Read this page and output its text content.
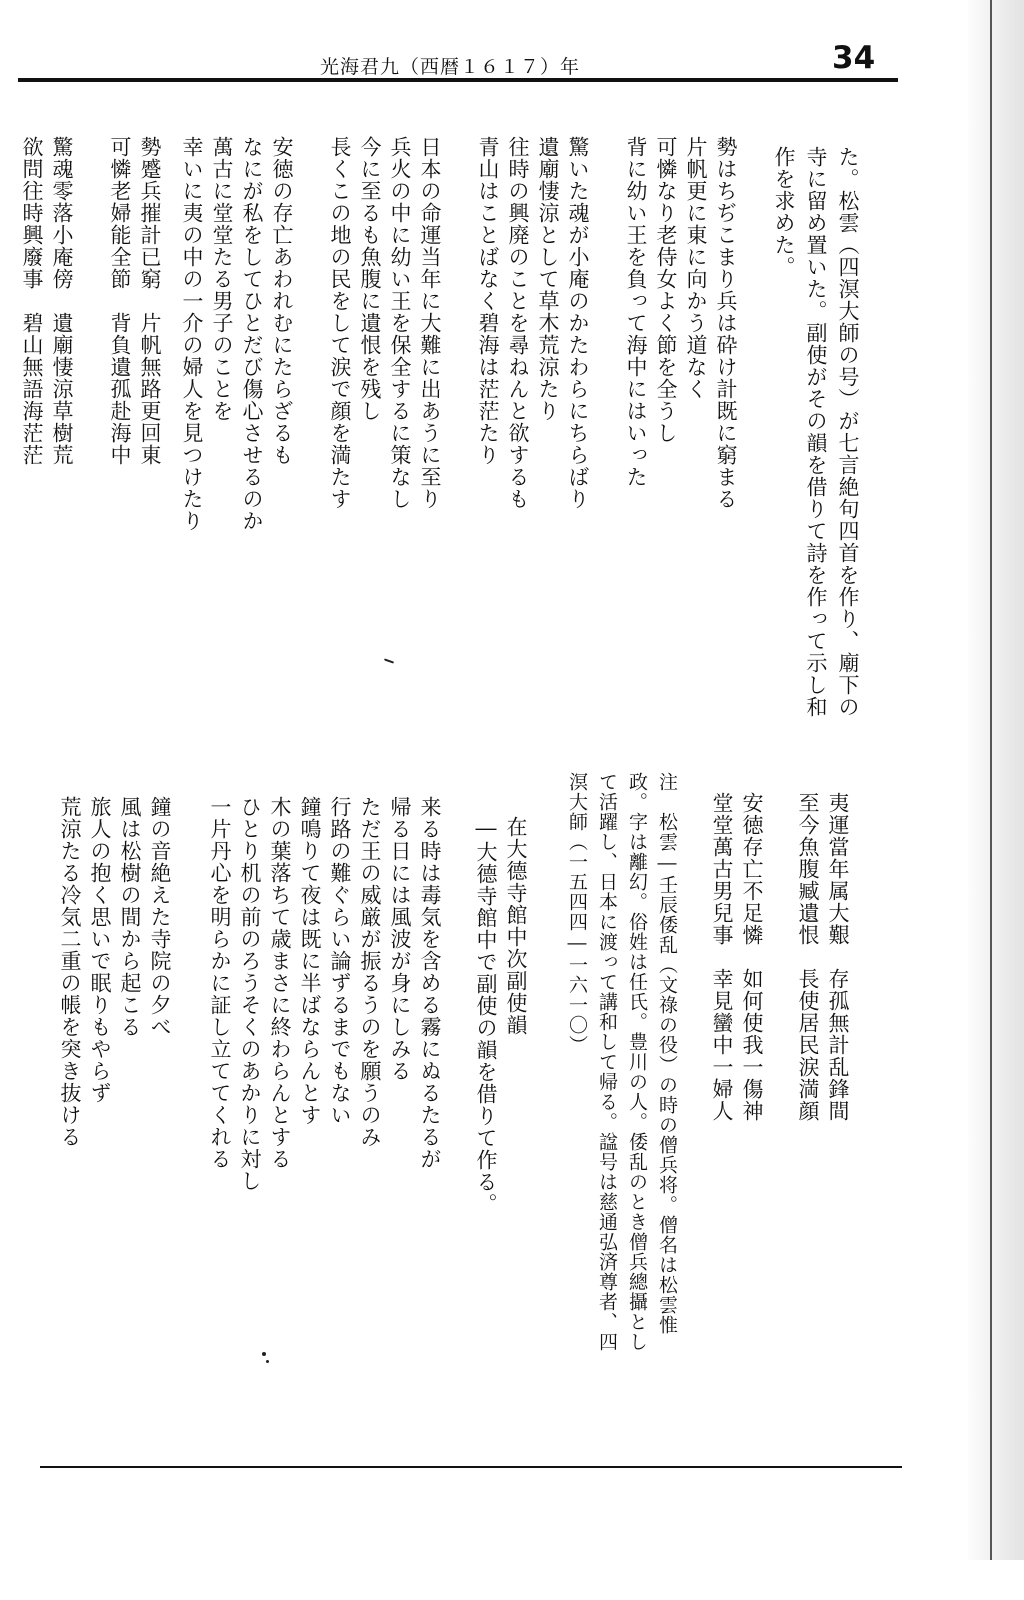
光海君九（西暦１６１７）年	34
た。松雲（四溟大師の号）が七言絶句四首を作り、廟下の
寺に留め置いた。副使がその韻を借りて詩を作って示し和
作を求めた。
勢はちぢこまり兵は砕け計既に窮まる
片帆更に東に向かう道なく
可憐なり老侍女よく節を全うし
背に幼い王を負って海中にはいった
驚いた魂が小庵のかたわらにちらばり
遺廟悽涼として草木荒涼たり
往時の興廃のことを尋ねんと欲するも
青山はことばなく碧海は茫茫たり
日本の命運当年に大難に出あうに至り
兵火の中に幼い王を保全するに策なし
今に至るも魚腹に遺恨を残し
長くこの地の民をして涙で顔を満たす
安徳の存亡あわれむにたらざるも
なにが私をしてひとだび傷心させるのか
萬古に堂堂たる男子のことを
幸いに夷の中の一介の婦人を見つけたり
勢蹙兵摧計已窮　片帆無路更回東
可憐老婦能全節　背負遺孤赴海中
驚魂零落小庵傍　遺廟悽涼草樹荒
欲問往時興廢事　碧山無語海茫茫
夷運當年属大艱　存孤無計乱鋒間
至今魚腹臧遺恨　長使居民涙満顔
安徳存亡不足憐　如何使我一傷神
堂堂萬古男兒事　幸見蠻中一婦人
注　松雲―壬辰倭乱（文祿の役）の時の僧兵将。僧名は松雲惟
政。字は離幻。俗姓は任氏。豊川の人。倭乱のとき僧兵總攝とし
て活躍し、日本に渡って講和して帰る。諡号は慈通弘済尊者、四
溟大師（一五四四―一六一〇）
在大德寺館中次副使韻
―大德寺館中で副使の韻を借りて作る。
来る時は毒気を含める霧にぬるたるが
帰る日には風波が身にしみる
ただ王の威厳が振るうのを願うのみ
行路の難ぐらい論ずるまでもない
鐘鳴りて夜は既に半ばならんとす
木の葉落ちて歳まさに終わらんとする
ひとり机の前のろうそくのあかりに対し
一片丹心を明らかに証し立ててくれる
鐘の音絶えた寺院の夕べ
風は松樹の間から起こる
旅人の抱く思いで眠りもやらず
荒涼たる冷気二重の帳を突き抜ける
